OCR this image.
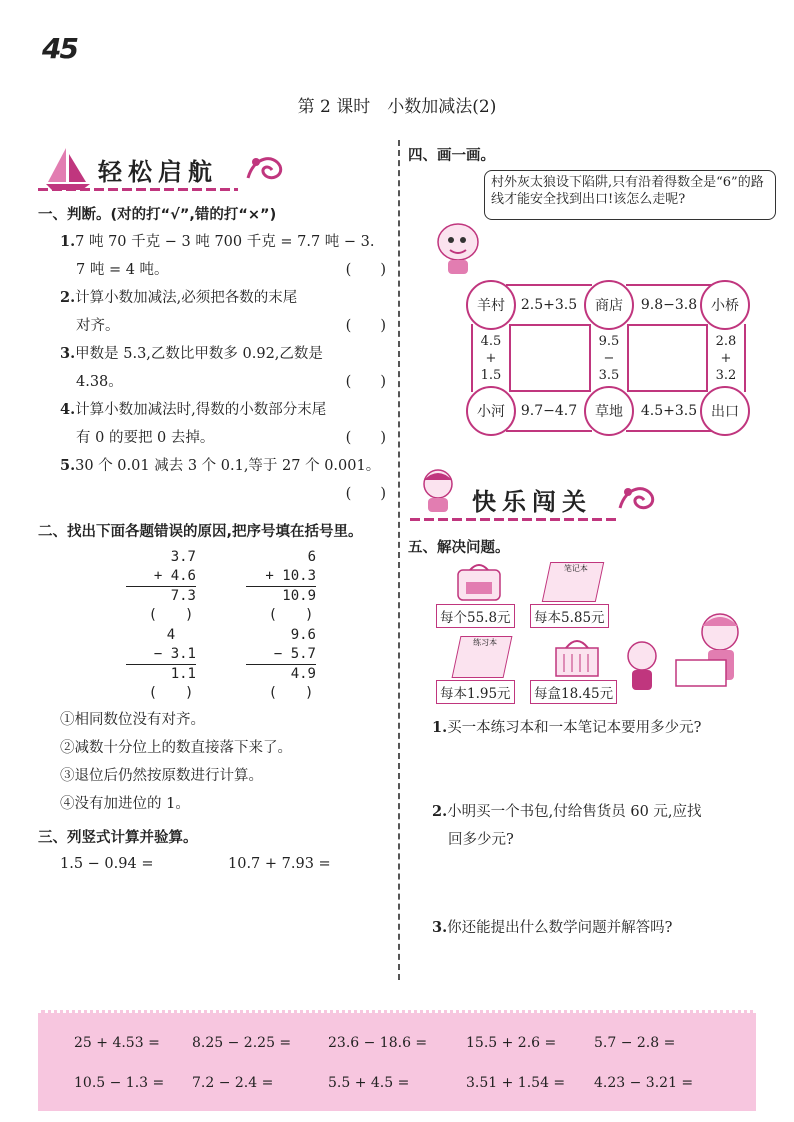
45
第 2 课时　小数加减法(2)
轻松启航
一、判断。(对的打“√”,错的打“×”)
1.7 吨 70 千克 − 3 吨 700 千克 = 7.7 吨 − 3.
7 吨 = 4 吨。	(　　)
2.计算小数加减法,必须把各数的末尾
对齐。	(　　)
3.甲数是 5.3,乙数比甲数多 0.92,乙数是
4.38。	(　　)
4.计算小数加减法时,得数的小数部分末尾
有 0 的要把 0 去掉。	(　　)
5.30 个 0.01 减去 3 个 0.1,等于 27 个 0.001。
(　　)
二、找出下面各题错误的原因,把序号填在括号里。
3.7
+ 4.6
7.3
(　　)
6
+ 10.3
10.9
(　　)
4
− 3.1
1.1
(　　)
9.6
− 5.7
4.9
(　　)
①相同数位没有对齐。
②减数十分位上的数直接落下来了。
③退位后仍然按原数进行计算。
④没有加进位的 1。
三、列竖式计算并验算。
1.5 − 0.94 =	10.7 + 7.93 =
四、画一画。
村外灰太狼设下陷阱,只有沿着得数全是“6”的路线才能安全找到出口!该怎么走呢?
2.5+3.5	9.8−3.8
9.7−4.7	4.5+3.5
4.5
+
1.5
9.5
−
3.5
2.8
+
3.2
羊村	商店	小桥
小河	草地	出口
快乐闯关
五、解决问题。
笔记本
每个55.8元 每本5.85元
练习本
每本1.95元 每盒18.45元
1.买一本练习本和一本笔记本要用多少元?
2.小明买一个书包,付给售货员 60 元,应找
回多少元?
3.你还能提出什么数学问题并解答吗?
25 + 4.53 = 8.25 − 2.25 =	23.6 − 18.6 =	15.5 + 2.6 =	5.7 − 2.8 =
10.5 − 1.3 = 7.2 − 2.4 =	5.5 + 4.5 =	3.51 + 1.54 = 4.23 − 3.21 =
